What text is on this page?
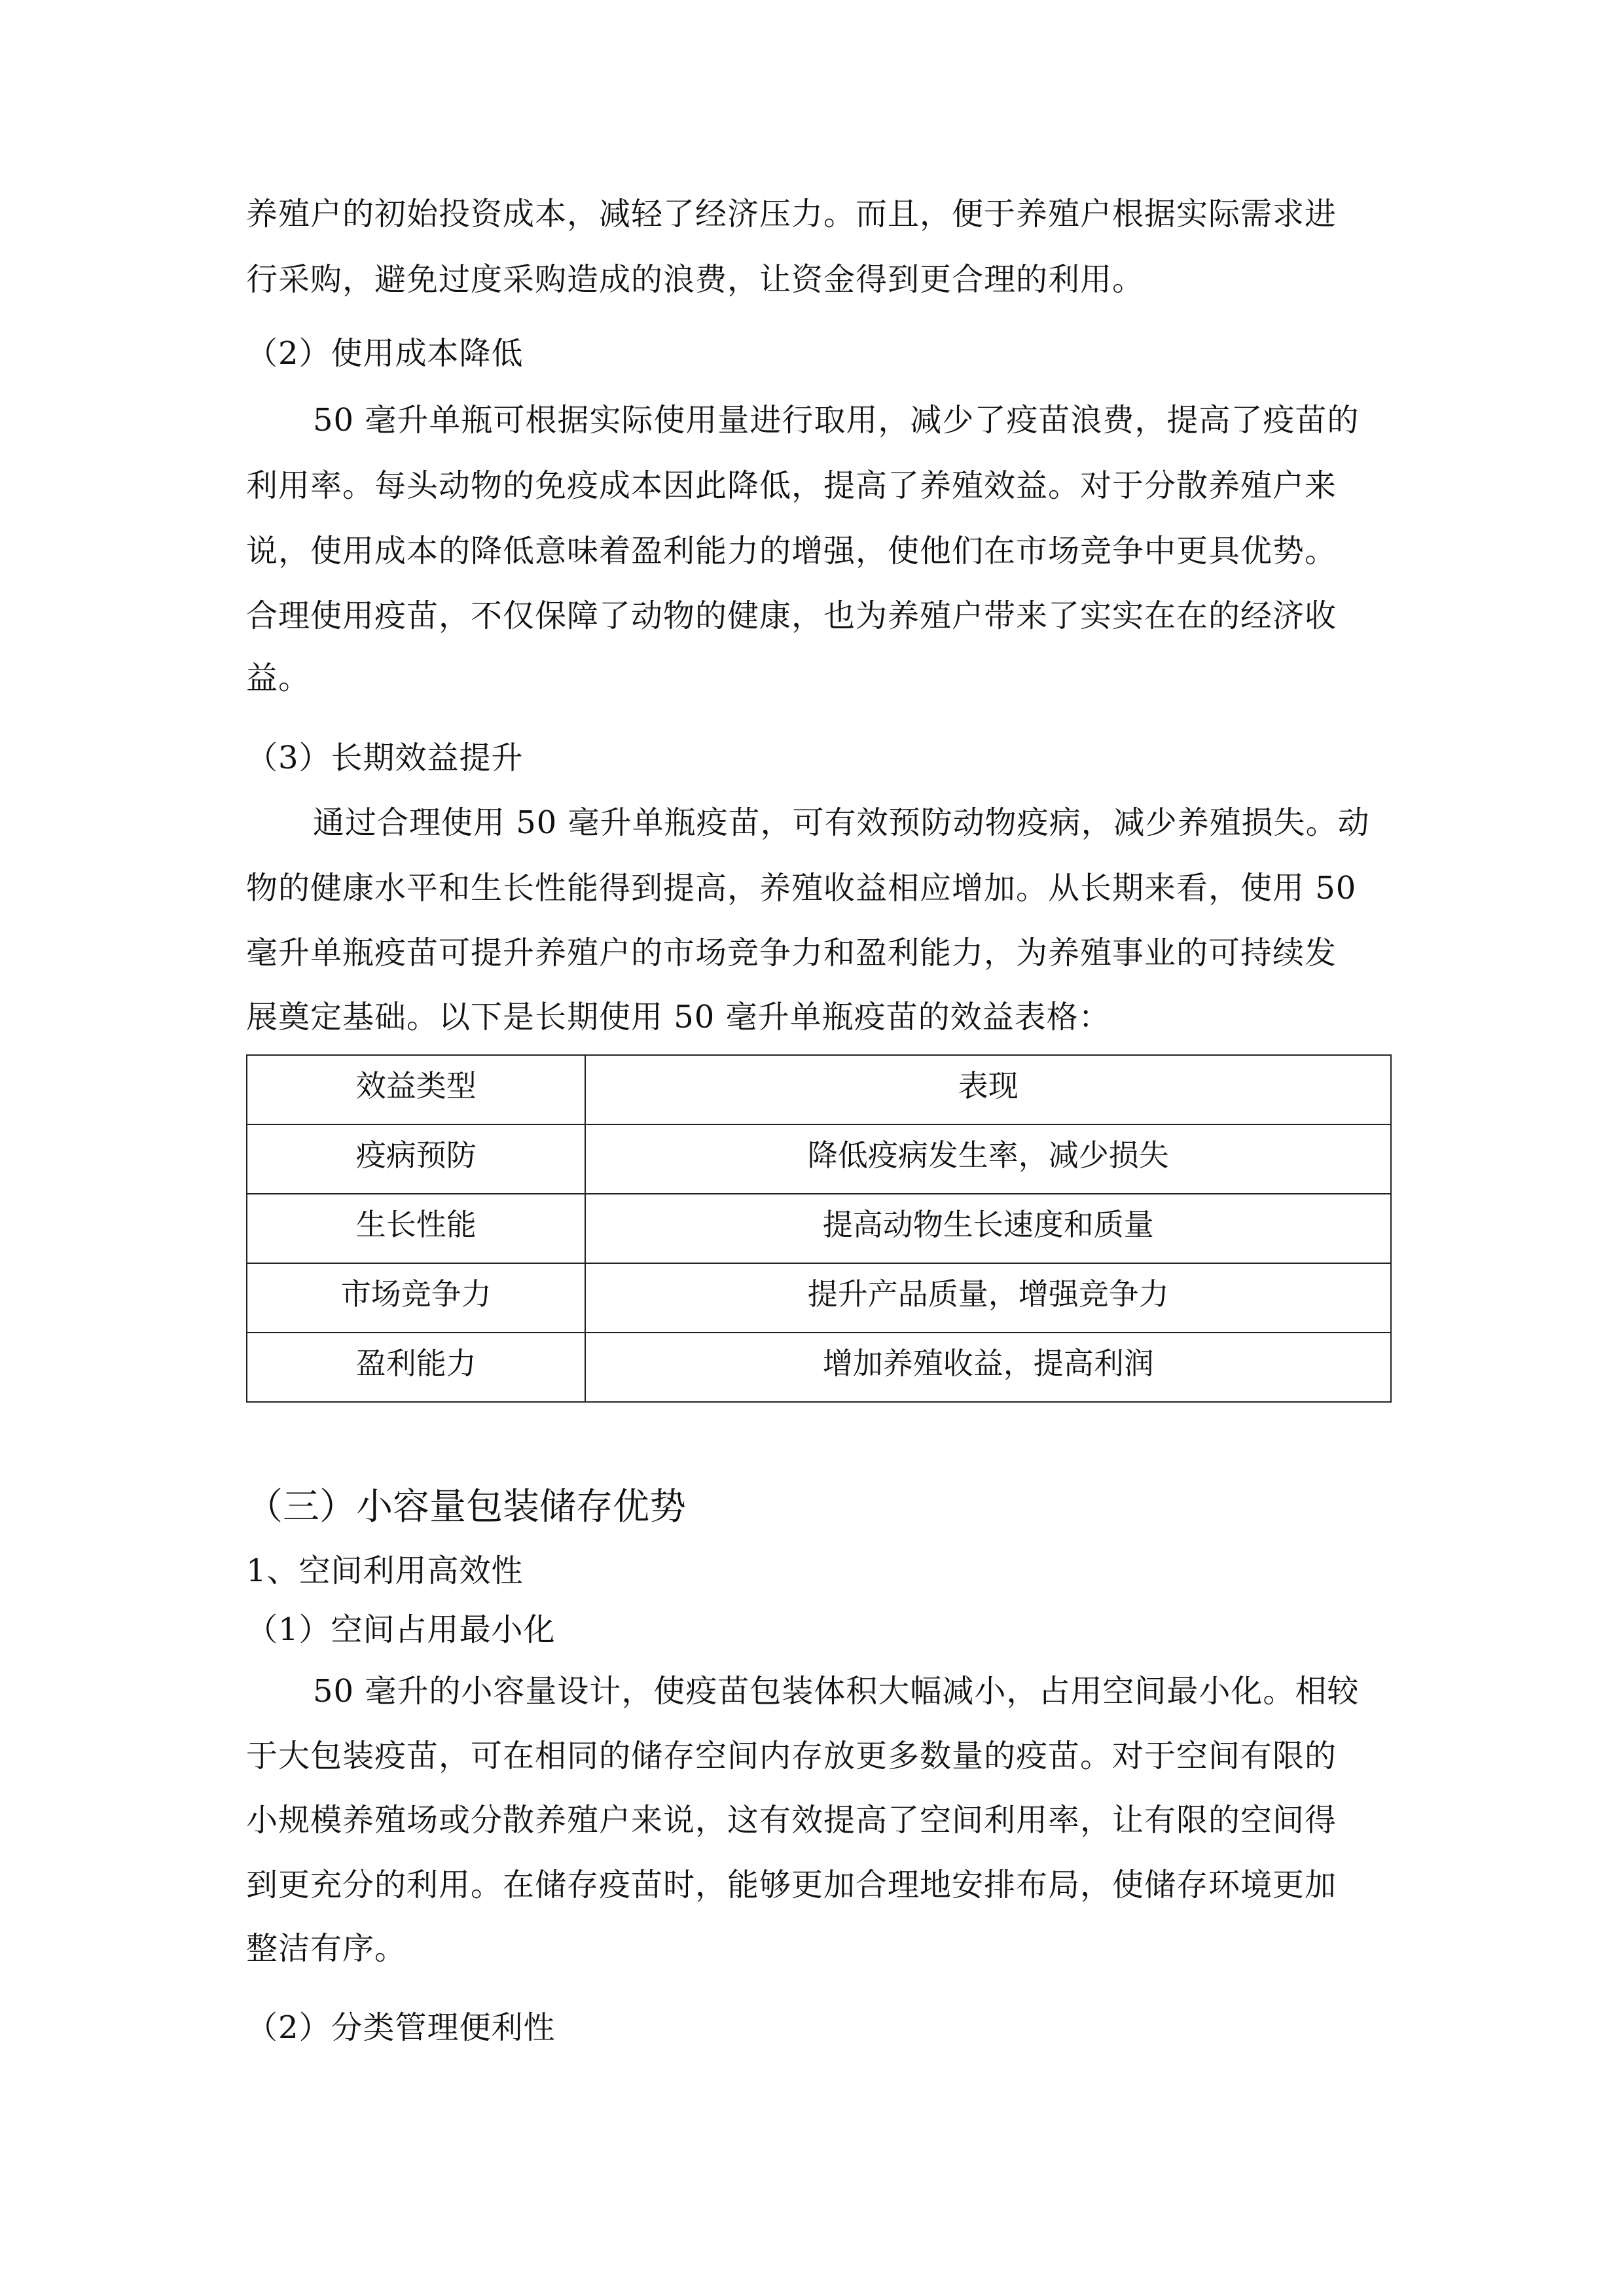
养殖户的初始投资成本，减轻了经济压力。而且，便于养殖户根据实际需求进
行采购，避免过度采购造成的浪费，让资金得到更合理的利用。
（2）使用成本降低
50 毫升单瓶可根据实际使用量进行取用，减少了疫苗浪费，提高了疫苗的
利用率。每头动物的免疫成本因此降低，提高了养殖效益。对于分散养殖户来
说，使用成本的降低意味着盈利能力的增强，使他们在市场竞争中更具优势。
合理使用疫苗，不仅保障了动物的健康，也为养殖户带来了实实在在的经济收
益。
（3）长期效益提升
通过合理使用 50 毫升单瓶疫苗，可有效预防动物疫病，减少养殖损失。动
物的健康水平和生长性能得到提高，养殖收益相应增加。从长期来看，使用 50
毫升单瓶疫苗可提升养殖户的市场竞争力和盈利能力，为养殖事业的可持续发
展奠定基础。以下是长期使用 50 毫升单瓶疫苗的效益表格：
效益类型	表现
疫病预防	降低疫病发生率，减少损失
生长性能	提高动物生长速度和质量
市场竞争力	提升产品质量，增强竞争力
盈利能力	增加养殖收益，提高利润
（三）小容量包装储存优势
1、空间利用高效性
（1）空间占用最小化
50 毫升的小容量设计，使疫苗包装体积大幅减小，占用空间最小化。相较
于大包装疫苗，可在相同的储存空间内存放更多数量的疫苗。对于空间有限的
小规模养殖场或分散养殖户来说，这有效提高了空间利用率，让有限的空间得
到更充分的利用。在储存疫苗时，能够更加合理地安排布局，使储存环境更加
整洁有序。
（2）分类管理便利性
